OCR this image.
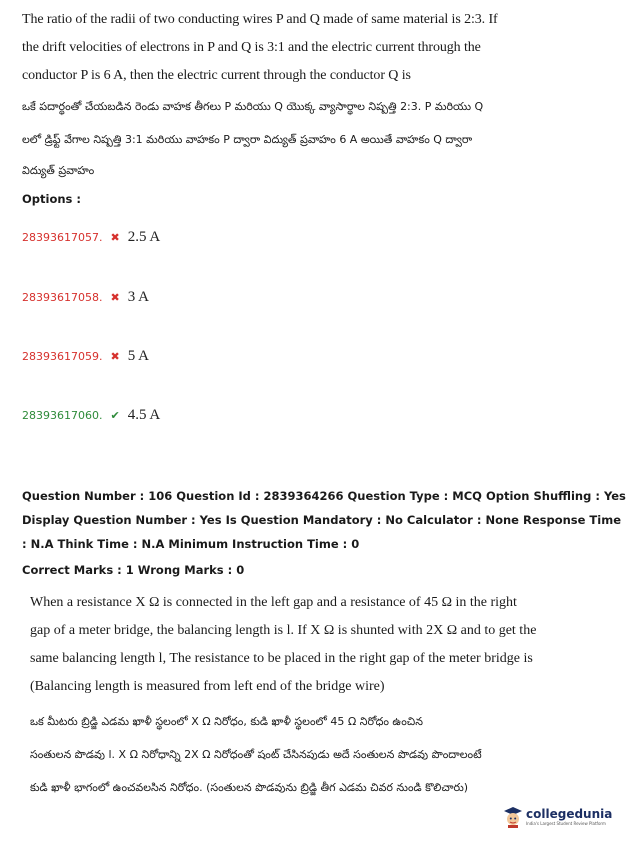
The ratio of the radii of two conducting wires P and Q made of same material is 2:3. If
the drift velocities of electrons in P and Q is 3:1 and the electric current through the
conductor P is 6 A, then the electric current through the conductor Q is
ఒకే పదార్థంతో చేయబడిన రెండు వాహక తీగలు P మరియు Q యొక్క వ్యాసార్థాల నిష్పత్తి 2:3. P మరియు Q
లలో డ్రిఫ్ట్ వేగాల నిష్పత్తి 3:1 మరియు వాహకం P ద్వారా విద్యుత్ ప్రవాహం 6 A అయితే వాహకం Q ద్వారా
విద్యుత్ ప్రవాహం
Options :
28393617057. ✖ 2.5 A
28393617058. ✖ 3 A
28393617059. ✖ 5 A
28393617060. ✔ 4.5 A
Question Number : 106 Question Id : 2839364266 Question Type : MCQ Option Shuffling : Yes
Display Question Number : Yes Is Question Mandatory : No Calculator : None Response Time
: N.A Think Time : N.A Minimum Instruction Time : 0
Correct Marks : 1 Wrong Marks : 0
When a resistance X Ω is connected in the left gap and a resistance of 45 Ω in the right
gap of a meter bridge, the balancing length is l. If X Ω is shunted with 2X Ω and to get the
same balancing length l, The resistance to be placed in the right gap of the meter bridge is
(Balancing length is measured from left end of the bridge wire)
ఒక మీటరు బ్రిడ్జి ఎడమ ఖాళీ స్థలంలో X Ω నిరోధం, కుడి ఖాళీ స్థలంలో 45 Ω నిరోధం ఉంచిన
సంతులన పొడవు l. X Ω నిరోధాన్ని 2X Ω నిరోధంతో షంట్ చేసినపుడు అదే సంతులన పొడవు పొందాలంటే
కుడి ఖాళీ భాగంలో ఉంచవలసిన నిరోధం. (సంతులన పొడవును బ్రిడ్జి తీగ ఎడమ చివర నుండి కొలిచారు)
collegedunia
India's Largest Student Review Platform
